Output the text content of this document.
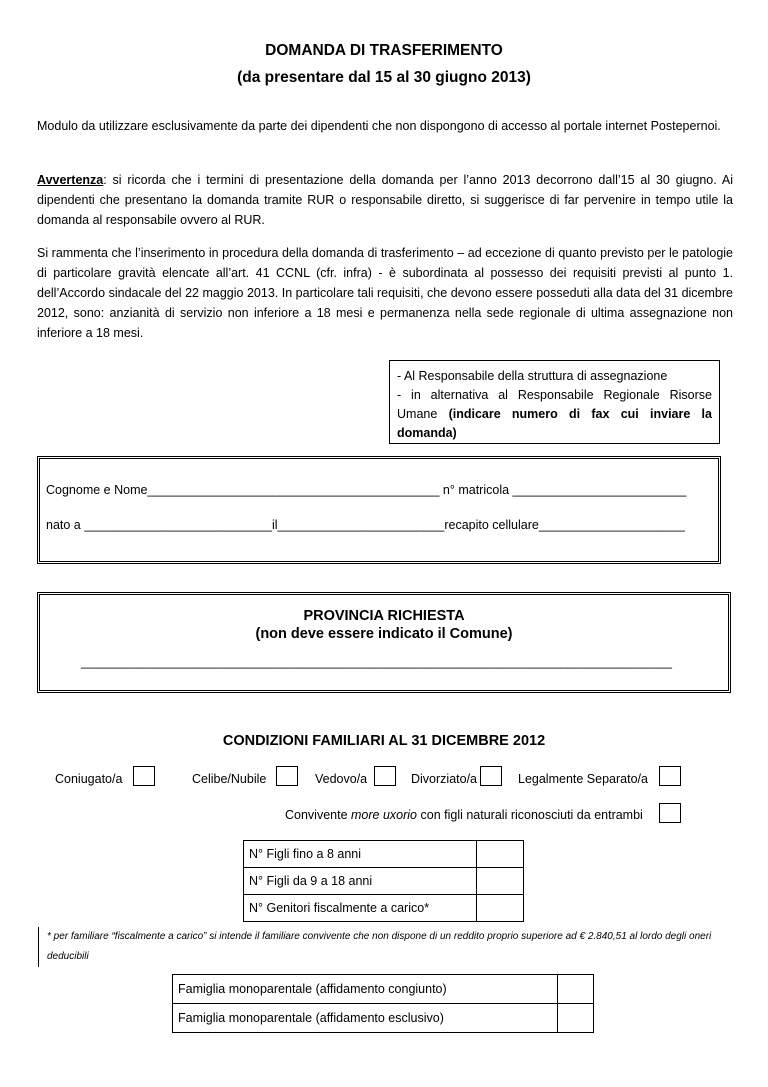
DOMANDA DI TRASFERIMENTO
(da presentare dal 15 al 30 giugno 2013)
Modulo da utilizzare esclusivamente da parte dei dipendenti che non dispongono di accesso al portale internet Postepernoi.
Avvertenza: si ricorda che i termini di presentazione della domanda per l’anno 2013 decorrono dall’15 al 30 giugno. Ai dipendenti che presentano la domanda tramite RUR o responsabile diretto, si suggerisce di far pervenire in tempo utile la domanda al responsabile ovvero al RUR.
Si rammenta che l’inserimento in procedura della domanda di trasferimento – ad eccezione di quanto previsto per le patologie di particolare gravità elencate all’art. 41 CCNL (cfr. infra) - è subordinata al possesso dei requisiti previsti al punto 1. dell’Accordo sindacale del 22 maggio 2013. In particolare tali requisiti, che devono essere posseduti alla data del 31 dicembre 2012, sono: anzianità di servizio non inferiore a 18 mesi e permanenza nella sede regionale di ultima assegnazione non inferiore a 18 mesi.
- Al Responsabile della struttura di assegnazione
- in alternativa al Responsabile Regionale Risorse Umane (indicare numero di fax cui inviare la domanda)
Cognome e Nome__________________________________________ n° matricola _________________________
nato a ___________________________il________________________recapito cellulare_____________________
PROVINCIA RICHIESTA
(non deve essere indicato il Comune)
_____________________________________________________________________________________
CONDIZIONI FAMILIARI AL 31 DICEMBRE 2012
Coniugato/a	Celibe/Nubile	Vedovo/a	Divorziato/a	Legalmente Separato/a
Convivente more uxorio con figli naturali riconosciuti da entrambi
N° Figli fino a 8 anni	
N° Figli da 9 a 18 anni	
N° Genitori fiscalmente a carico*	
* per familiare “fiscalmente a carico” si intende il familiare convivente che non dispone di un reddito proprio superiore ad € 2.840,51 al lordo degli oneri deducibili
Famiglia monoparentale (affidamento congiunto)	
Famiglia monoparentale (affidamento esclusivo)	
